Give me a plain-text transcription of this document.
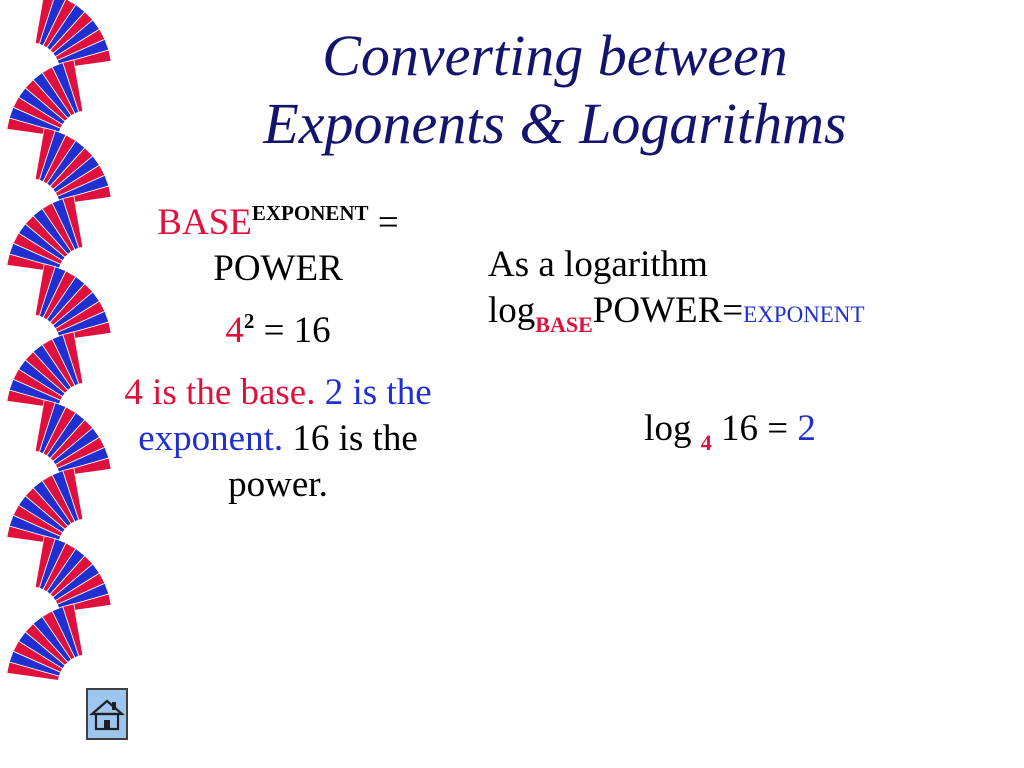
Converting between
Exponents & Logarithms

$BASE^{EXPONENT}$ =
POWER

$4^2 = 16$

4 is the base. 2 is the exponent. 16 is the power.

As a logarithm
$\log_{BASE}POWER=EXPONENT$
log $_4$ 16 = 2
